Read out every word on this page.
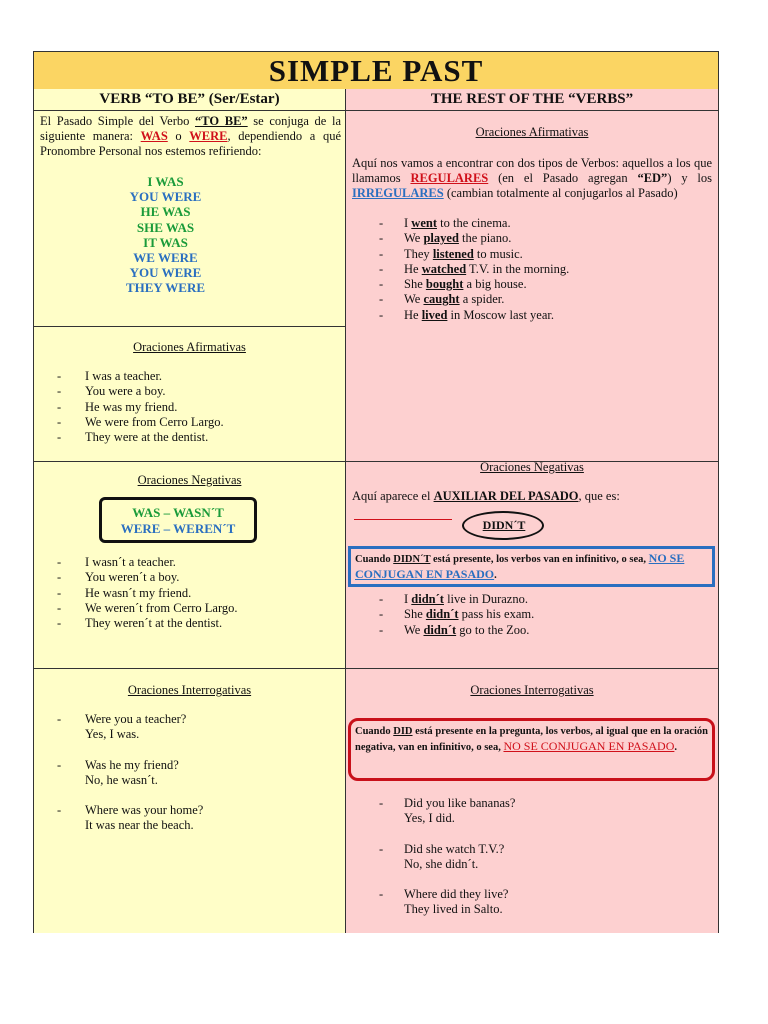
SIMPLE PAST
VERB “TO BE” (Ser/Estar)	THE REST OF THE “VERBS”
El Pasado Simple del Verbo “TO BE” se conjuga de la siguiente manera: WAS o WERE, dependiendo a qué Pronombre Personal nos estemos refiriendo:
I WAS
YOU WERE
HE WAS
SHE WAS
IT WAS
WE WERE
YOU WERE
THEY WERE
Oraciones Afirmativas
- I was a teacher.
- You were a boy.
- He was my friend.
- We were from Cerro Largo.
- They were at the dentist.
Oraciones Negativas
- I wasn´t a teacher.
- You weren´t a boy.
- He wasn´t my friend.
- We weren´t from Cerro Largo.
- They weren´t at the dentist.
WAS – WASN´T
WERE – WEREN´T
Oraciones Interrogativas
- Were you a teacher?
Yes, I was.
- Was he my friend?
No, he wasn´t.
- Where was your home?
It was near the beach.
Oraciones Afirmativas
Aquí nos vamos a encontrar con dos tipos de Verbos: aquellos a los que llamamos REGULARES (en el Pasado agregan “ED”) y los IRREGULARES (cambian totalmente al conjugarlos al Pasado)
- I went to the cinema.
- We played the piano.
- They listened to music.
- He watched T.V. in the morning.
- She bought a big house.
- We caught a spider.
- He lived in Moscow last year.
Oraciones Negativas
Aquí aparece el AUXILIAR DEL PASADO, que es:
- I didn´t live in Durazno.
- She didn´t pass his exam.
- We didn´t go to the Zoo.
DIDN´T
Cuando DIDN´T está presente, los verbos van en infinitivo, o sea, NO SE CONJUGAN EN PASADO.
Oraciones Interrogativas
- Did you like bananas?
Yes, I did.
- Did she watch T.V.?
No, she didn´t.
- Where did they live?
They lived in Salto.
Cuando DID está presente en la pregunta, los verbos, al igual que en la oración negativa, van en infinitivo, o sea, NO SE CONJUGAN EN PASADO.
